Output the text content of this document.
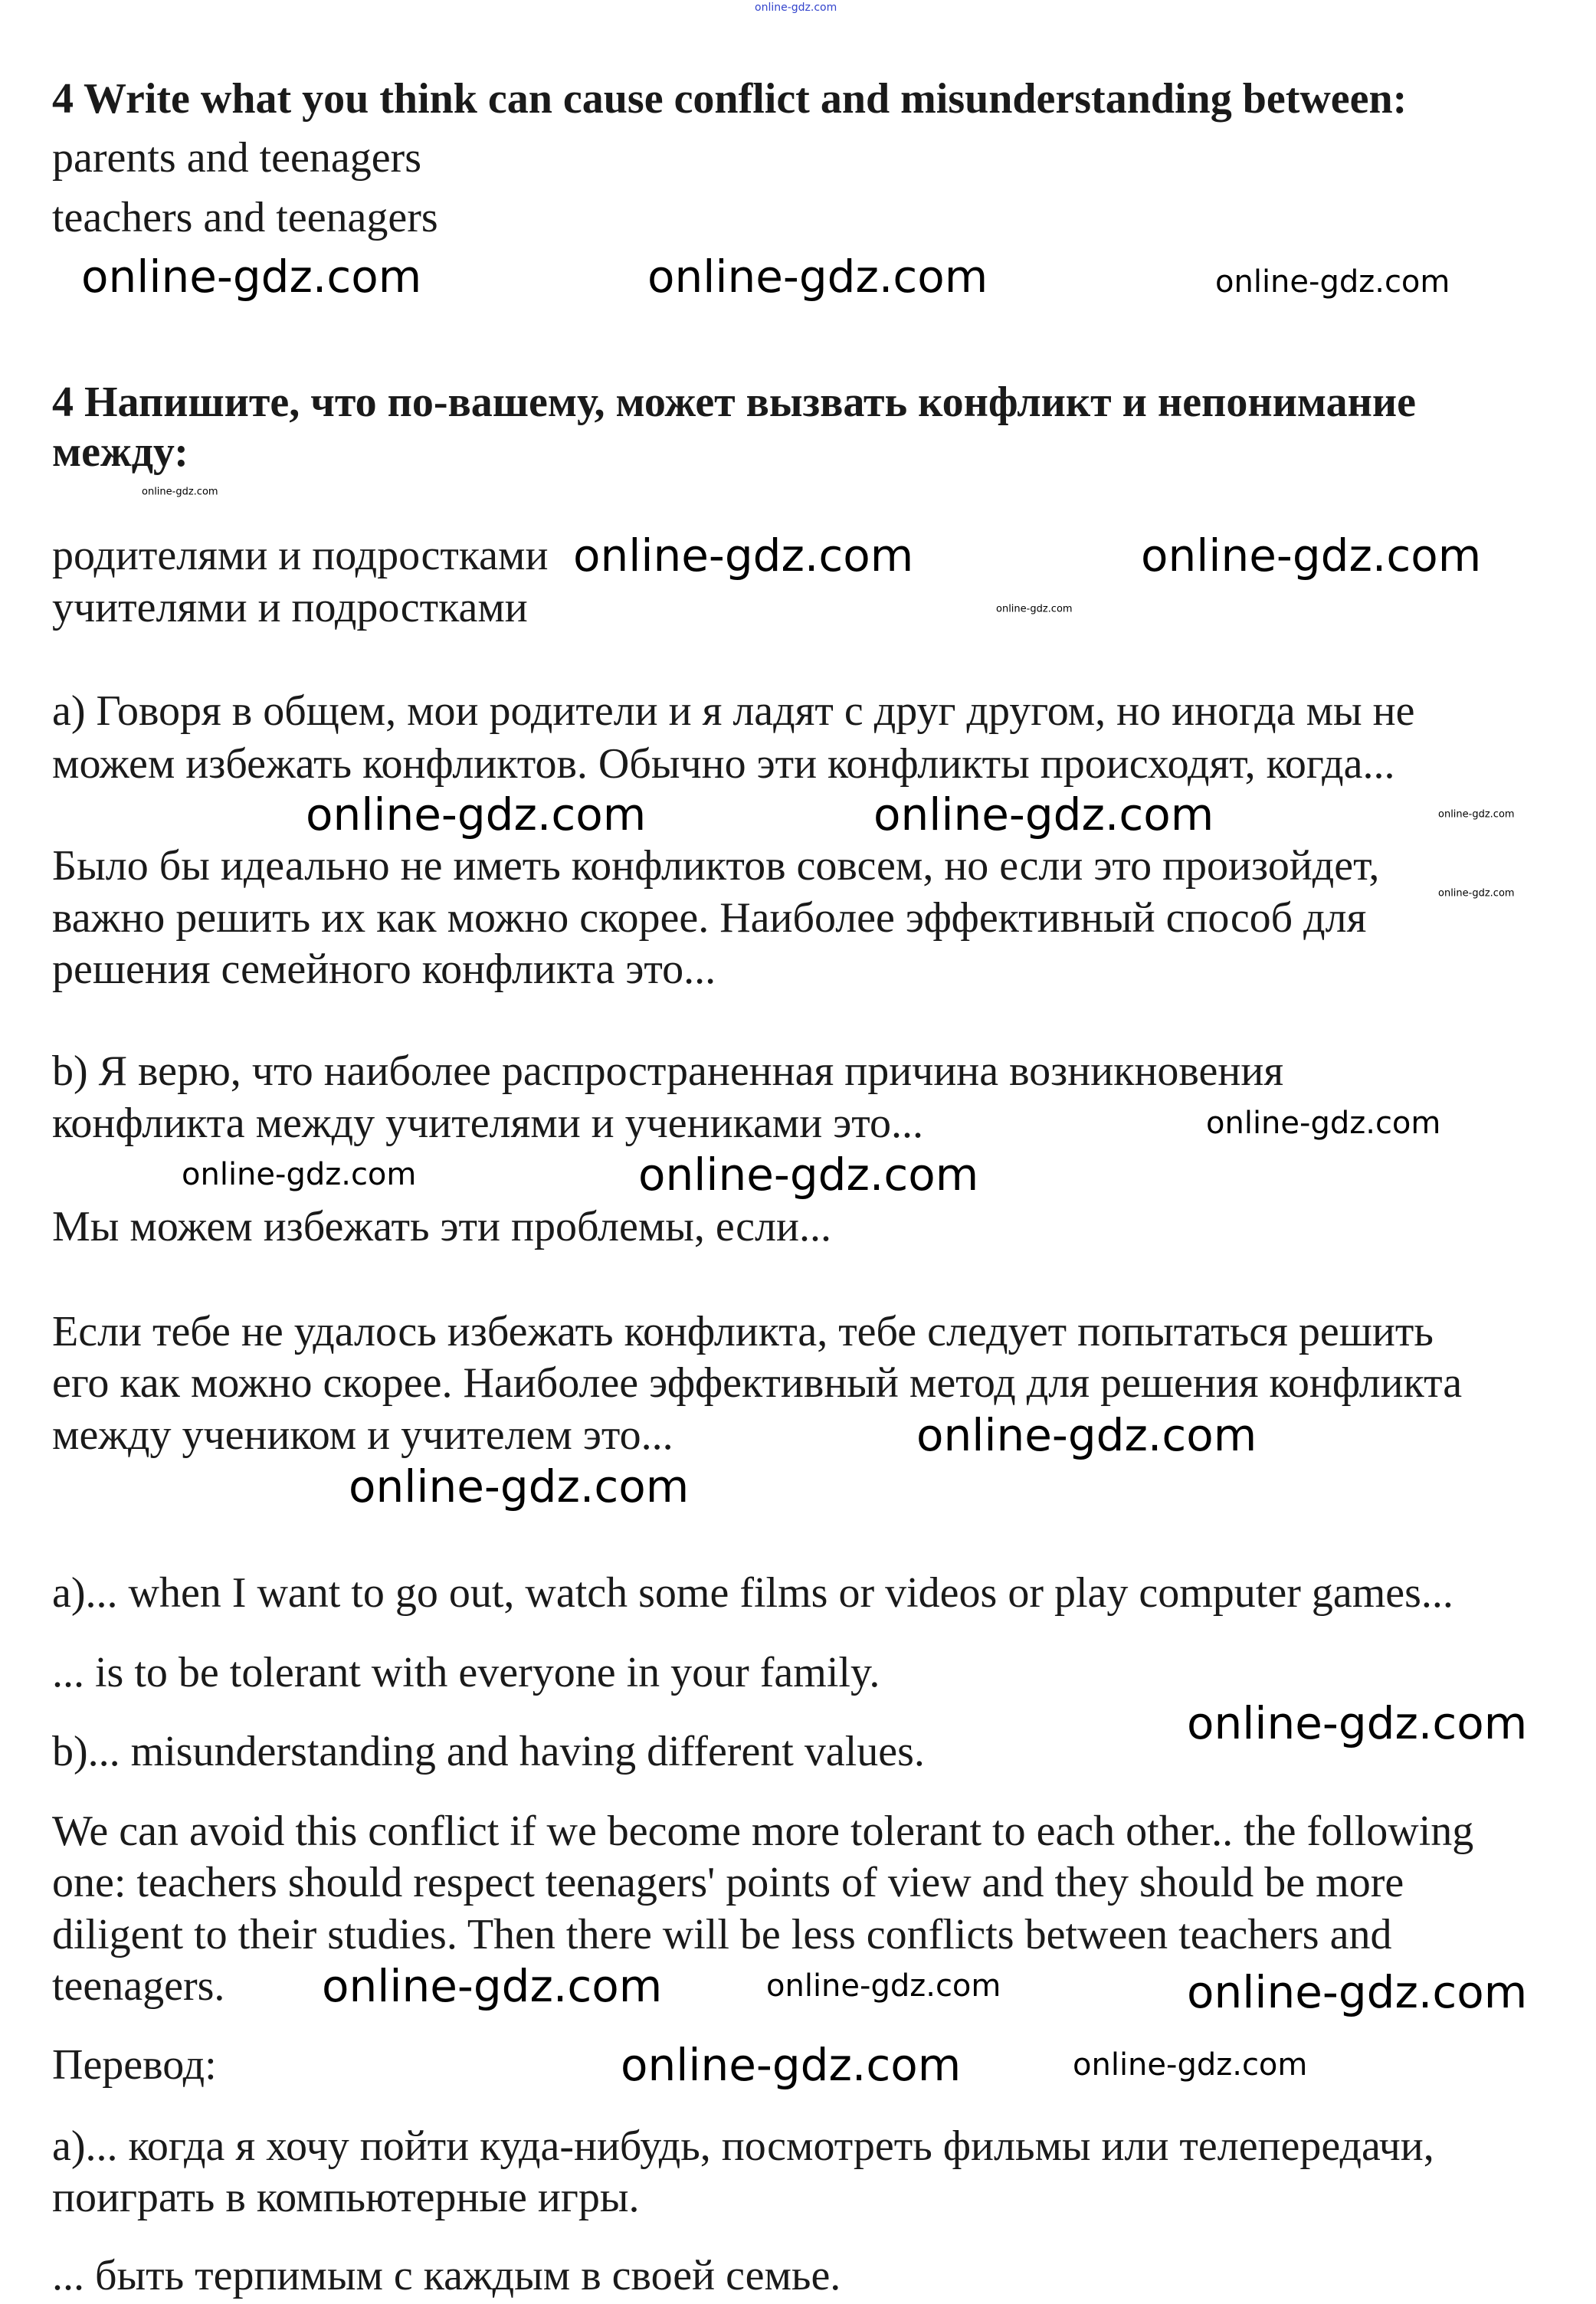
online-gdz.com
4 Write what you think can cause conflict and misunderstanding between:
parents and teenagers
teachers and teenagers
online-gdz.com	online-gdz.com	online-gdz.com
4 Напишите, что по-вашему, может вызвать конфликт и непонимание
между:
online-gdz.com
родителями и подростками online-gdz.com	online-gdz.com
учителями и подростками	online-gdz.com
а) Говоря в общем, мои родители и я ладят с друг другом, но иногда мы не
можем избежать конфликтов. Обычно эти конфликты происходят, когда...
online-gdz.com	online-gdz.com	online-gdz.com
Было бы идеально не иметь конфликтов совсем, но если это произойдет,
online-gdz.com
важно решить их как можно скорее. Наиболее эффективный способ для
решения семейного конфликта это...
b) Я верю, что наиболее распространенная причина возникновения
конфликта между учителями и учениками это...	online-gdz.com
online-gdz.com	online-gdz.com
Мы можем избежать эти проблемы, если...
Если тебе не удалось избежать конфликта, тебе следует попытаться решить
его как можно скорее. Наиболее эффективный метод для решения конфликта
между учеником и учителем это...	online-gdz.com
online-gdz.com
a)... when I want to go out, watch some films or videos or play computer games...
... is to be tolerant with everyone in your family.
online-gdz.com
b)... misunderstanding and having different values.
We can avoid this conflict if we become more tolerant to each other.. the following
one: teachers should respect teenagers' points of view and they should be more
diligent to their studies. Then there will be less conflicts between teachers and
teenagers. online-gdz.com	online-gdz.com	online-gdz.com
Перевод:	online-gdz.com	online-gdz.com
а)... когда я хочу пойти куда-нибудь, посмотреть фильмы или телепередачи,
поиграть в компьютерные игры.
... быть терпимым с каждым в своей семье.
